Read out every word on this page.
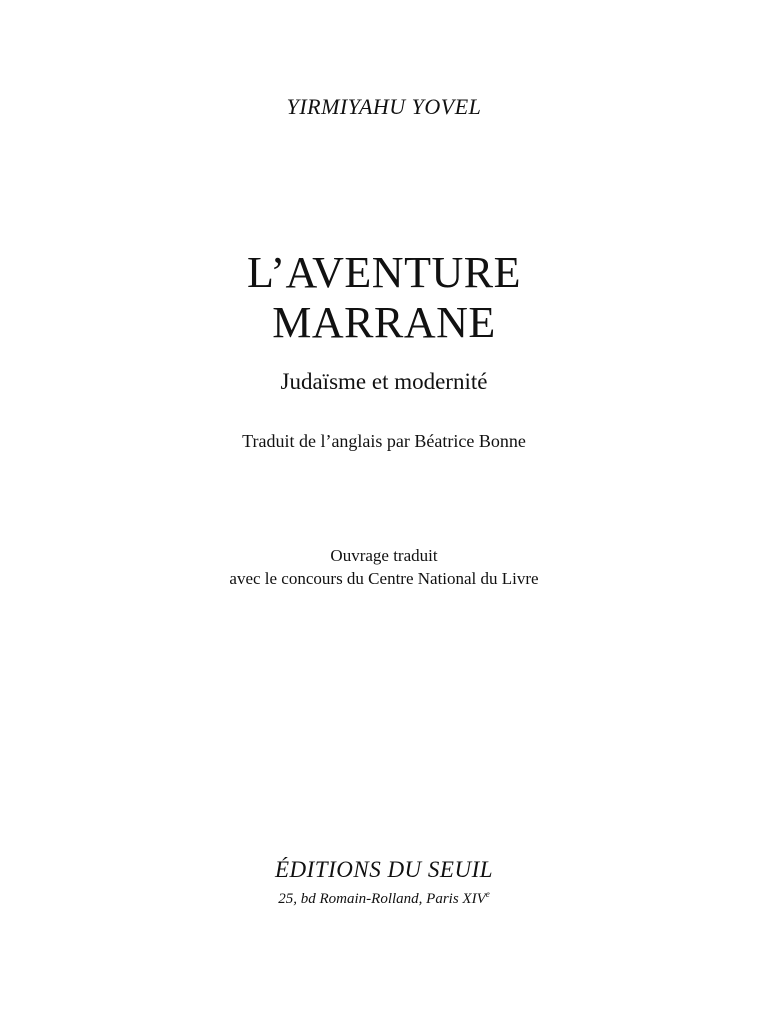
YIRMIYAHU YOVEL

L’AVENTURE

MARRANE

Judaïsme et modernité

Traduit de l’anglais par Béatrice Bonne

Ouvrage traduit

avec le concours du Centre National du Livre

ÉDITIONS DU SEUIL

25, bd Romain-Rolland, Paris XIVe
